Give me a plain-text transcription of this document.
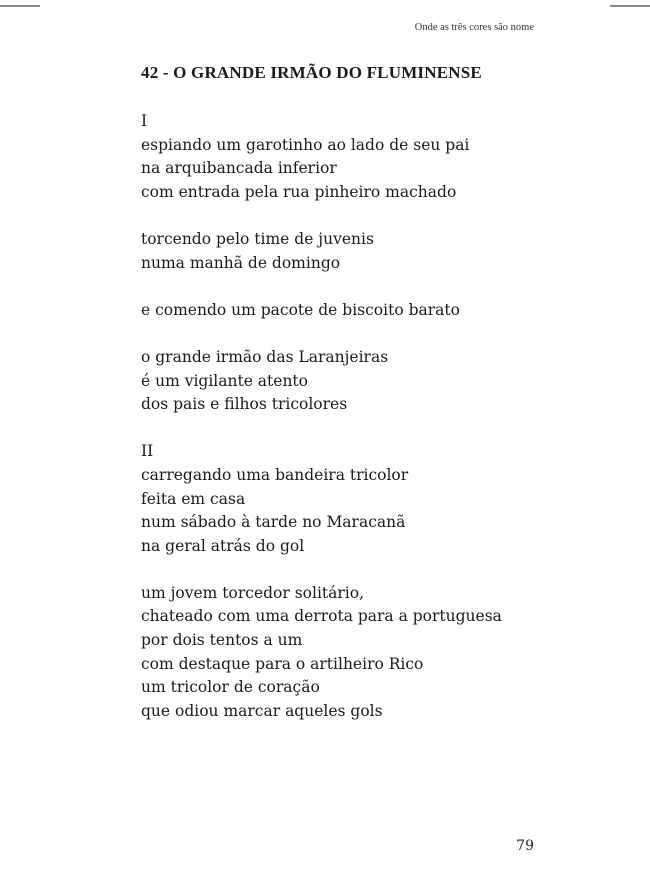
Onde as três cores são nome
42 - O GRANDE IRMÃO DO FLUMINENSE
I
espiando um garotinho ao lado de seu pai
na arquibancada inferior
com entrada pela rua pinheiro machado
torcendo pelo time de juvenis
numa manhã de domingo
e comendo um pacote de biscoito barato
o grande irmão das Laranjeiras
é um vigilante atento
dos pais e filhos tricolores
II
carregando uma bandeira tricolor
feita em casa
num sábado à tarde no Maracanã
na geral atrás do gol
um jovem torcedor solitário,
chateado com uma derrota para a portuguesa
por dois tentos a um
com destaque para o artilheiro Rico
um tricolor de coração
que odiou marcar aqueles gols
79
